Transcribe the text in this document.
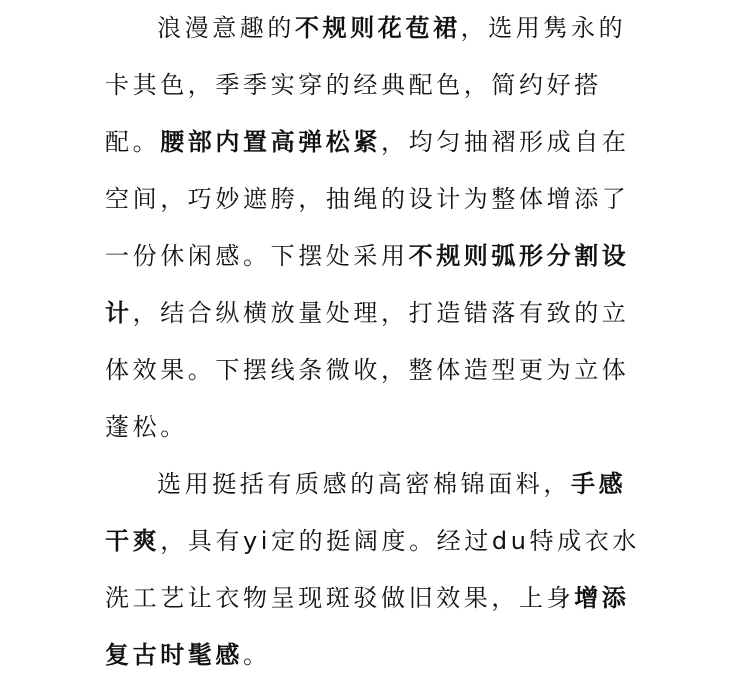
浪漫意趣的不规则花苞裙，选用隽永的
卡其色，季季实穿的经典配色，简约好搭
配。腰部内置高弹松紧，均匀抽褶形成自在
空间，巧妙遮胯，抽绳的设计为整体增添了
一份休闲感。下摆处采用不规则弧形分割设
计，结合纵横放量处理，打造错落有致的立
体效果。下摆线条微收，整体造型更为立体
蓬松。
选用挺括有质感的高密棉锦面料，手感
干爽，具有yi定的挺阔度。经过du特成衣水
洗工艺让衣物呈现斑驳做旧效果，上身增添
复古时髦感。
